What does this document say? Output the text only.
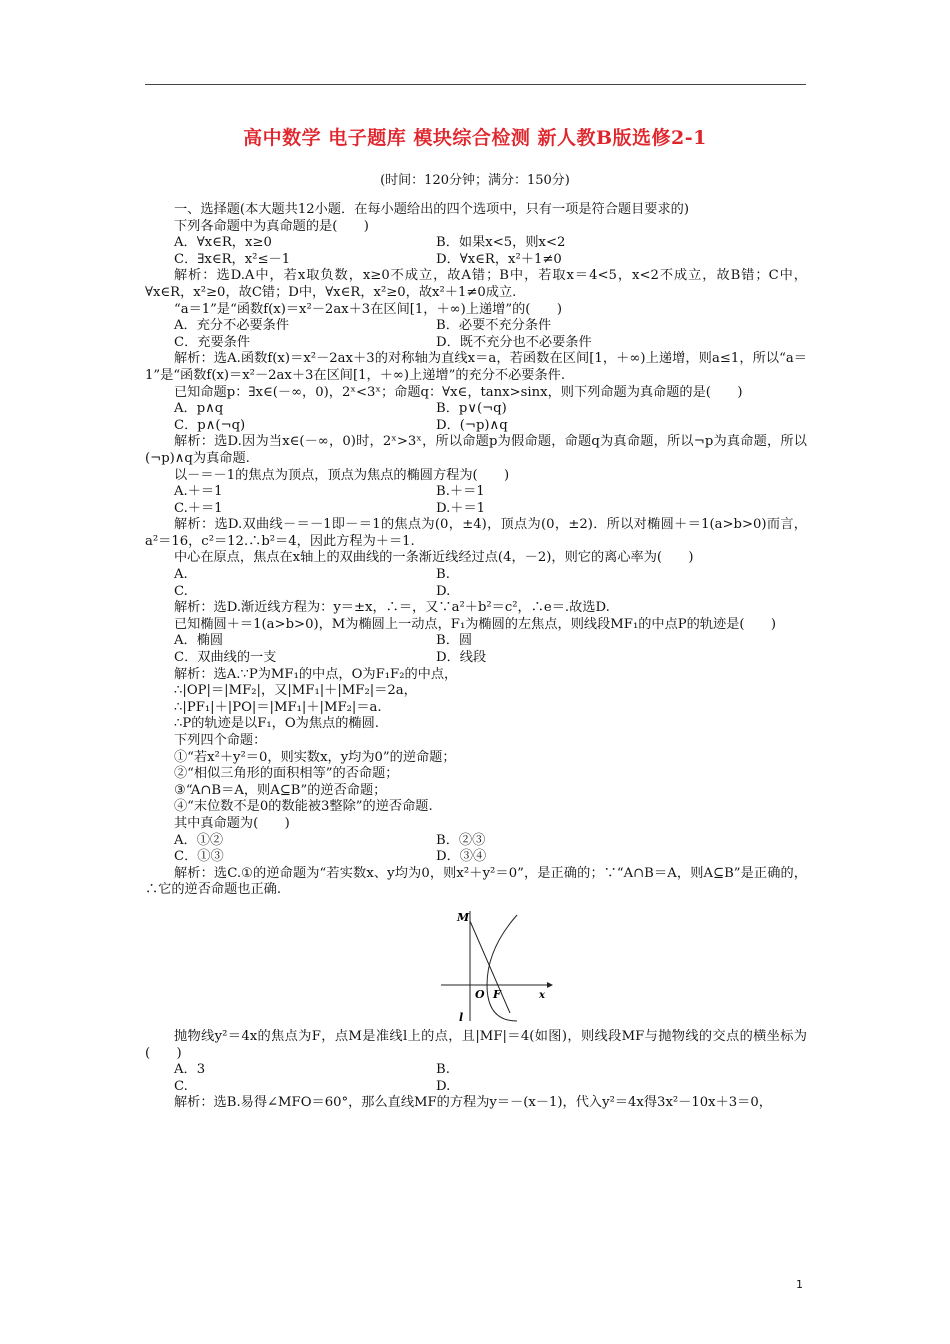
高中数学 电子题库 模块综合检测 新人教B版选修2-1
(时间：120分钟；满分：150分)

一、选择题(本大题共12小题．在每小题给出的四个选项中，只有一项是符合题目要求的)

下列各命题中为真命题的是(　　)

A．∀x∈R，x≥0	B．如果x<5，则x<2
C．∃x∈R，x²≤－1	D．∀x∈R，x²＋1≠0

解析：选D.A中，若x取负数，x≥0不成立，故A错；B中，若取x＝4<5，x<2不成立，故B错；C中，∀x∈R，x²≥0，故C错；D中，∀x∈R，x²≥0，故x²＋1≠0成立.

“a＝1”是“函数f(x)＝x²－2ax＋3在区间[1，＋∞)上递增”的(　　)

A．充分不必要条件	B．必要不充分条件
C．充要条件	D．既不充分也不必要条件

解析：选A.函数f(x)＝x²－2ax＋3的对称轴为直线x＝a，若函数在区间[1，＋∞)上递增，则a≤1，所以“a＝1”是“函数f(x)＝x²－2ax＋3在区间[1，＋∞)上递增”的充分不必要条件.

已知命题p：∃x∈(－∞，0)，2ˣ<3ˣ；命题q：∀x∈，tanx>sinx，则下列命题为真命题的是(　　)

A．p∧q	B．p∨(¬q)
C．p∧(¬q)	D．(¬p)∧q

解析：选D.因为当x∈(－∞，0)时，2ˣ>3ˣ，所以命题p为假命题，命题q为真命题，所以¬p为真命题，所以(¬p)∧q为真命题.

以－＝－1的焦点为顶点，顶点为焦点的椭圆方程为(　　)

A.＋＝1	B.＋＝1
C.＋＝1	D.＋＝1

解析：选D.双曲线－＝－1即－＝1的焦点为(0，±4)，顶点为(0，±2)．所以对椭圆＋＝1(a>b>0)而言，a²＝16，c²＝12.∴b²＝4，因此方程为＋＝1.

中心在原点，焦点在x轴上的双曲线的一条渐近线经过点(4，－2)，则它的离心率为(　　)

A.	B.
C.	D.

解析：选D.渐近线方程为：y＝±x，∴＝，又∵a²＋b²＝c²，∴e＝.故选D.

已知椭圆＋＝1(a>b>0)，M为椭圆上一动点，F₁为椭圆的左焦点，则线段MF₁的中点P的轨迹是(　　)

A．椭圆	B．圆
C．双曲线的一支	D．线段

解析：选A.∵P为MF₁的中点，O为F₁F₂的中点，

∴|OP|＝|MF₂|，又|MF₁|＋|MF₂|＝2a，

∴|PF₁|＋|PO|＝|MF₁|＋|MF₂|＝a.

∴P的轨迹是以F₁，O为焦点的椭圆.

下列四个命题：

①“若x²＋y²＝0，则实数x，y均为0”的逆命题；

②“相似三角形的面积相等”的否命题；

③“A∩B＝A，则A⊆B”的逆否命题；

④“末位数不是0的数能被3整除”的逆否命题.

其中真命题为(　　)

A．①②	B．②③
C．①③	D．③④

解析：选C.①的逆命题为“若实数x、y均为0，则x²＋y²＝0”，是正确的；∵“A∩B＝A，则A⊆B”是正确的，∴它的逆否命题也正确.

M
O F	x
l

抛物线y²＝4x的焦点为F，点M是准线l上的点，且|MF|＝4(如图)，则线段MF与抛物线的交点的横坐标为(　　)

A．3	B.
C.	D.

解析：选B.易得∠MFO＝60°，那么直线MF的方程为y＝－(x－1)，代入y²＝4x得3x²－10x＋3＝0，

1
